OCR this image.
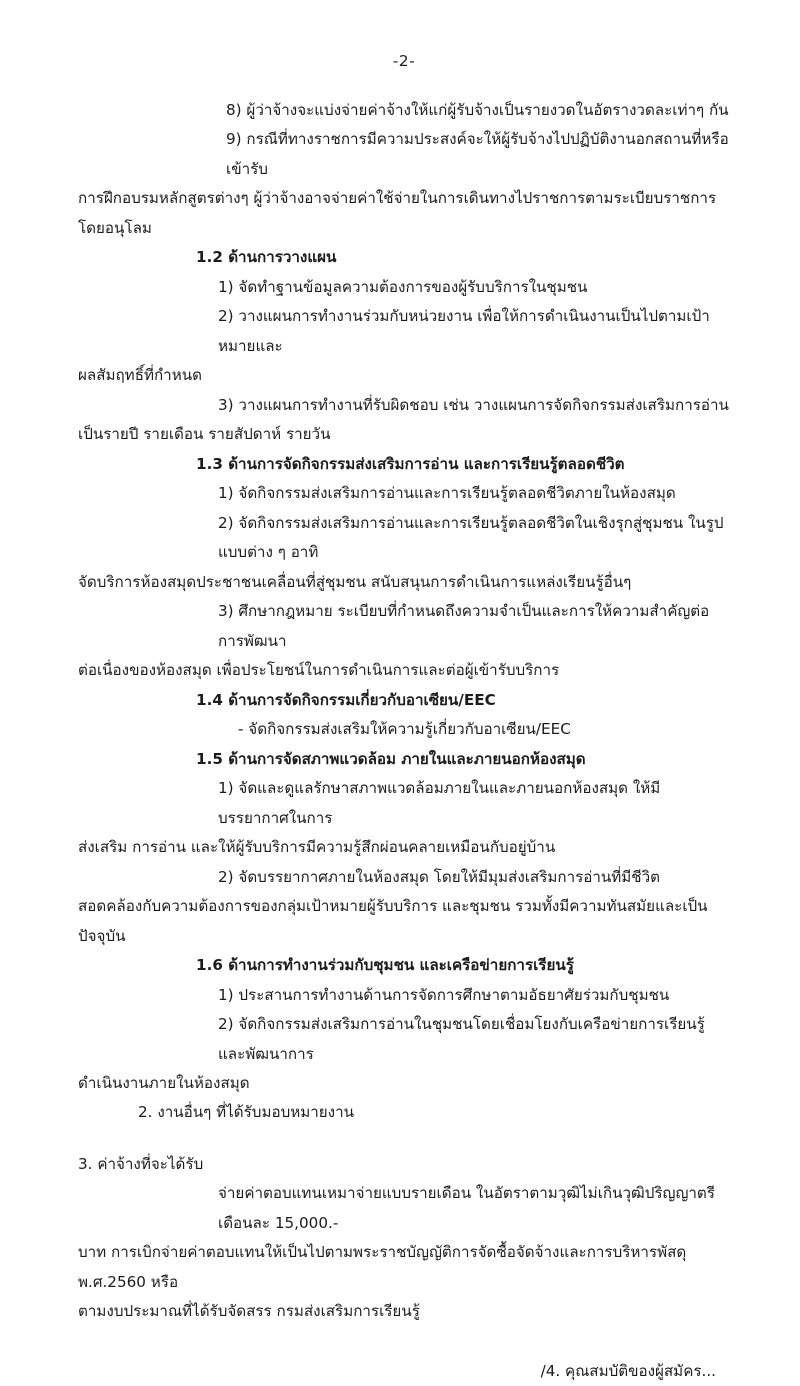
-2-

8) ผู้ว่าจ้างจะแบ่งจ่ายค่าจ้างให้แก่ผู้รับจ้างเป็นรายงวดในอัตรางวดละเท่าๆ กัน

9) กรณีที่ทางราชการมีความประสงค์จะให้ผู้รับจ้างไปปฏิบัติงานอกสถานที่หรือเข้ารับ

การฝึกอบรมหลักสูตรต่างๆ ผู้ว่าจ้างอาจจ่ายค่าใช้จ่ายในการเดินทางไปราชการตามระเบียบราชการโดยอนุโลม

1.2 ด้านการวางแผน

1) จัดทำฐานข้อมูลความต้องการของผู้รับบริการในชุมชน

2) วางแผนการทำงานร่วมกับหน่วยงาน เพื่อให้การดำเนินงานเป็นไปตามเป้าหมายและ

ผลสัมฤทธิ์ที่กำหนด

3) วางแผนการทำงานที่รับผิดชอบ เช่น วางแผนการจัดกิจกรรมส่งเสริมการอ่าน

เป็นรายปี รายเดือน รายสัปดาห์ รายวัน

1.3 ด้านการจัดกิจกรรมส่งเสริมการอ่าน และการเรียนรู้ตลอดชีวิต

1) จัดกิจกรรมส่งเสริมการอ่านและการเรียนรู้ตลอดชีวิตภายในห้องสมุด

2) จัดกิจกรรมส่งเสริมการอ่านและการเรียนรู้ตลอดชีวิตในเชิงรุกสู่ชุมชน ในรูปแบบต่าง ๆ อาทิ

จัดบริการห้องสมุดประชาชนเคลื่อนที่สู่ชุมชน สนับสนุนการดำเนินการแหล่งเรียนรู้อื่นๆ

3) ศึกษากฎหมาย ระเบียบที่กำหนดถึงความจำเป็นและการให้ความสำคัญต่อการพัฒนา

ต่อเนื่องของห้องสมุด เพื่อประโยชน์ในการดำเนินการและต่อผู้เข้ารับบริการ

1.4 ด้านการจัดกิจกรรมเกี่ยวกับอาเซียน/EEC

- จัดกิจกรรมส่งเสริมให้ความรู้เกี่ยวกับอาเซียน/EEC

1.5 ด้านการจัดสภาพแวดล้อม ภายในและภายนอกห้องสมุด

1) จัดและดูแลรักษาสภาพแวดล้อมภายในและภายนอกห้องสมุด ให้มีบรรยากาศในการ

ส่งเสริม การอ่าน และให้ผู้รับบริการมีความรู้สึกผ่อนคลายเหมือนกับอยู่บ้าน

2) จัดบรรยากาศภายในห้องสมุด โดยให้มีมุมส่งเสริมการอ่านที่มีชีวิต

สอดคล้องกับความต้องการของกลุ่มเป้าหมายผู้รับบริการ และชุมชน รวมทั้งมีความทันสมัยและเป็นปัจจุบัน

1.6 ด้านการทำงานร่วมกับชุมชน และเครือข่ายการเรียนรู้

1) ประสานการทำงานด้านการจัดการศึกษาตามอัธยาศัยร่วมกับชุมชน

2) จัดกิจกรรมส่งเสริมการอ่านในชุมชนโดยเชื่อมโยงกับเครือข่ายการเรียนรู้และพัฒนาการ

ดำเนินงานภายในห้องสมุด

2. งานอื่นๆ ที่ได้รับมอบหมายงาน

3. ค่าจ้างที่จะได้รับ

จ่ายค่าตอบแทนเหมาจ่ายแบบรายเดือน ในอัตราตามวุฒิไม่เกินวุฒิปริญญาตรี เดือนละ 15,000.-

บาท การเบิกจ่ายค่าตอบแทนให้เป็นไปตามพระราชบัญญัติการจัดซื้อจัดจ้างและการบริหารพัสดุ พ.ศ.2560 หรือ

ตามงบประมาณที่ได้รับจัดสรร กรมส่งเสริมการเรียนรู้

/4. คุณสมบัติของผู้สมัคร...
